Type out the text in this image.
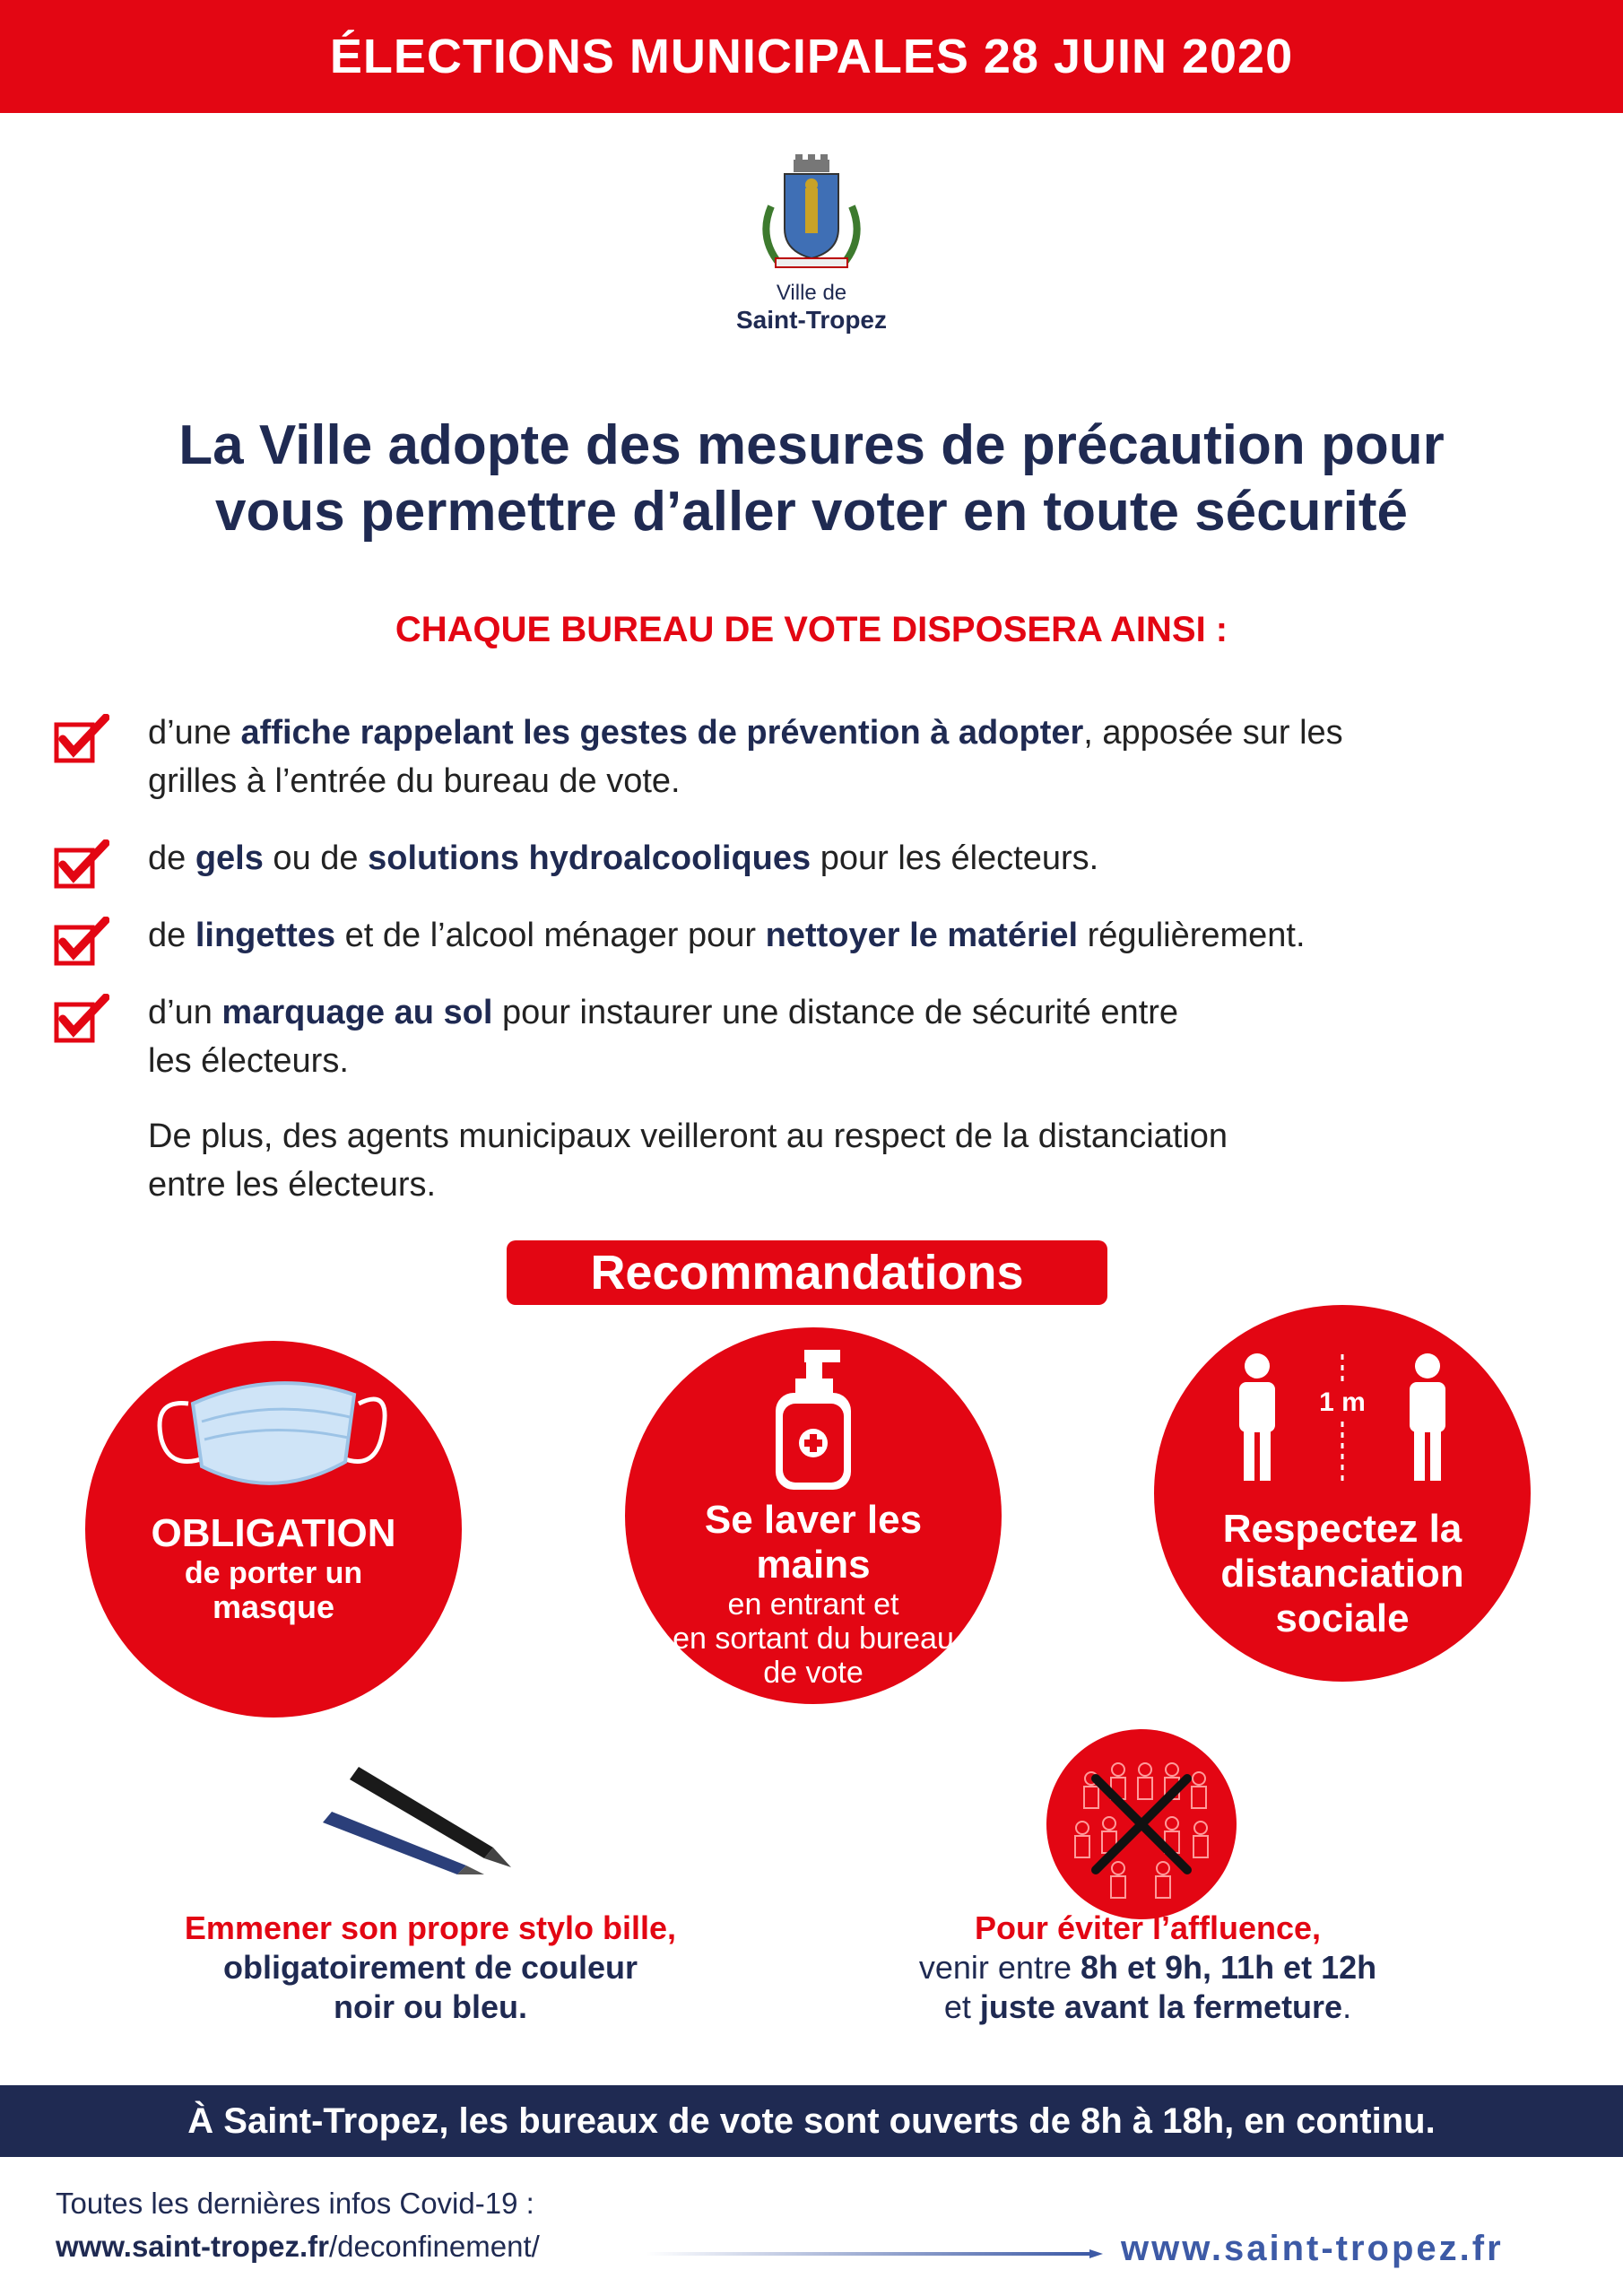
ÉLECTIONS MUNICIPALES 28 JUIN 2020
Ville de
Saint-Tropez
La Ville adopte des mesures de précaution pour
vous permettre d’aller voter en toute sécurité
CHAQUE BUREAU DE VOTE DISPOSERA AINSI :
d’une affiche rappelant les gestes de prévention à adopter, apposée sur les
grilles à l’entrée du bureau de vote.
de gels ou de solutions hydroalcooliques pour les électeurs.
de lingettes et de l’alcool ménager pour nettoyer le matériel régulièrement.
d’un marquage au sol pour instaurer une distance de sécurité entre
les électeurs.
De plus, des agents municipaux veilleront au respect de la distanciation
entre les électeurs.
Recommandations
OBLIGATION
de porter un
masque
Se laver les mains
en entrant et
en sortant du bureau
de vote
1 m
Respectez la
distanciation
sociale
Emmener son propre stylo bille,
obligatoirement de couleur
noir ou bleu.
Pour éviter l’affluence,
venir entre 8h et 9h, 11h et 12h
et juste avant la fermeture.
À Saint-Tropez, les bureaux de vote sont ouverts de 8h à 18h, en continu.
Toutes les dernières infos Covid-19 :
www.saint-tropez.fr/deconfinement/	www.saint-tropez.fr
